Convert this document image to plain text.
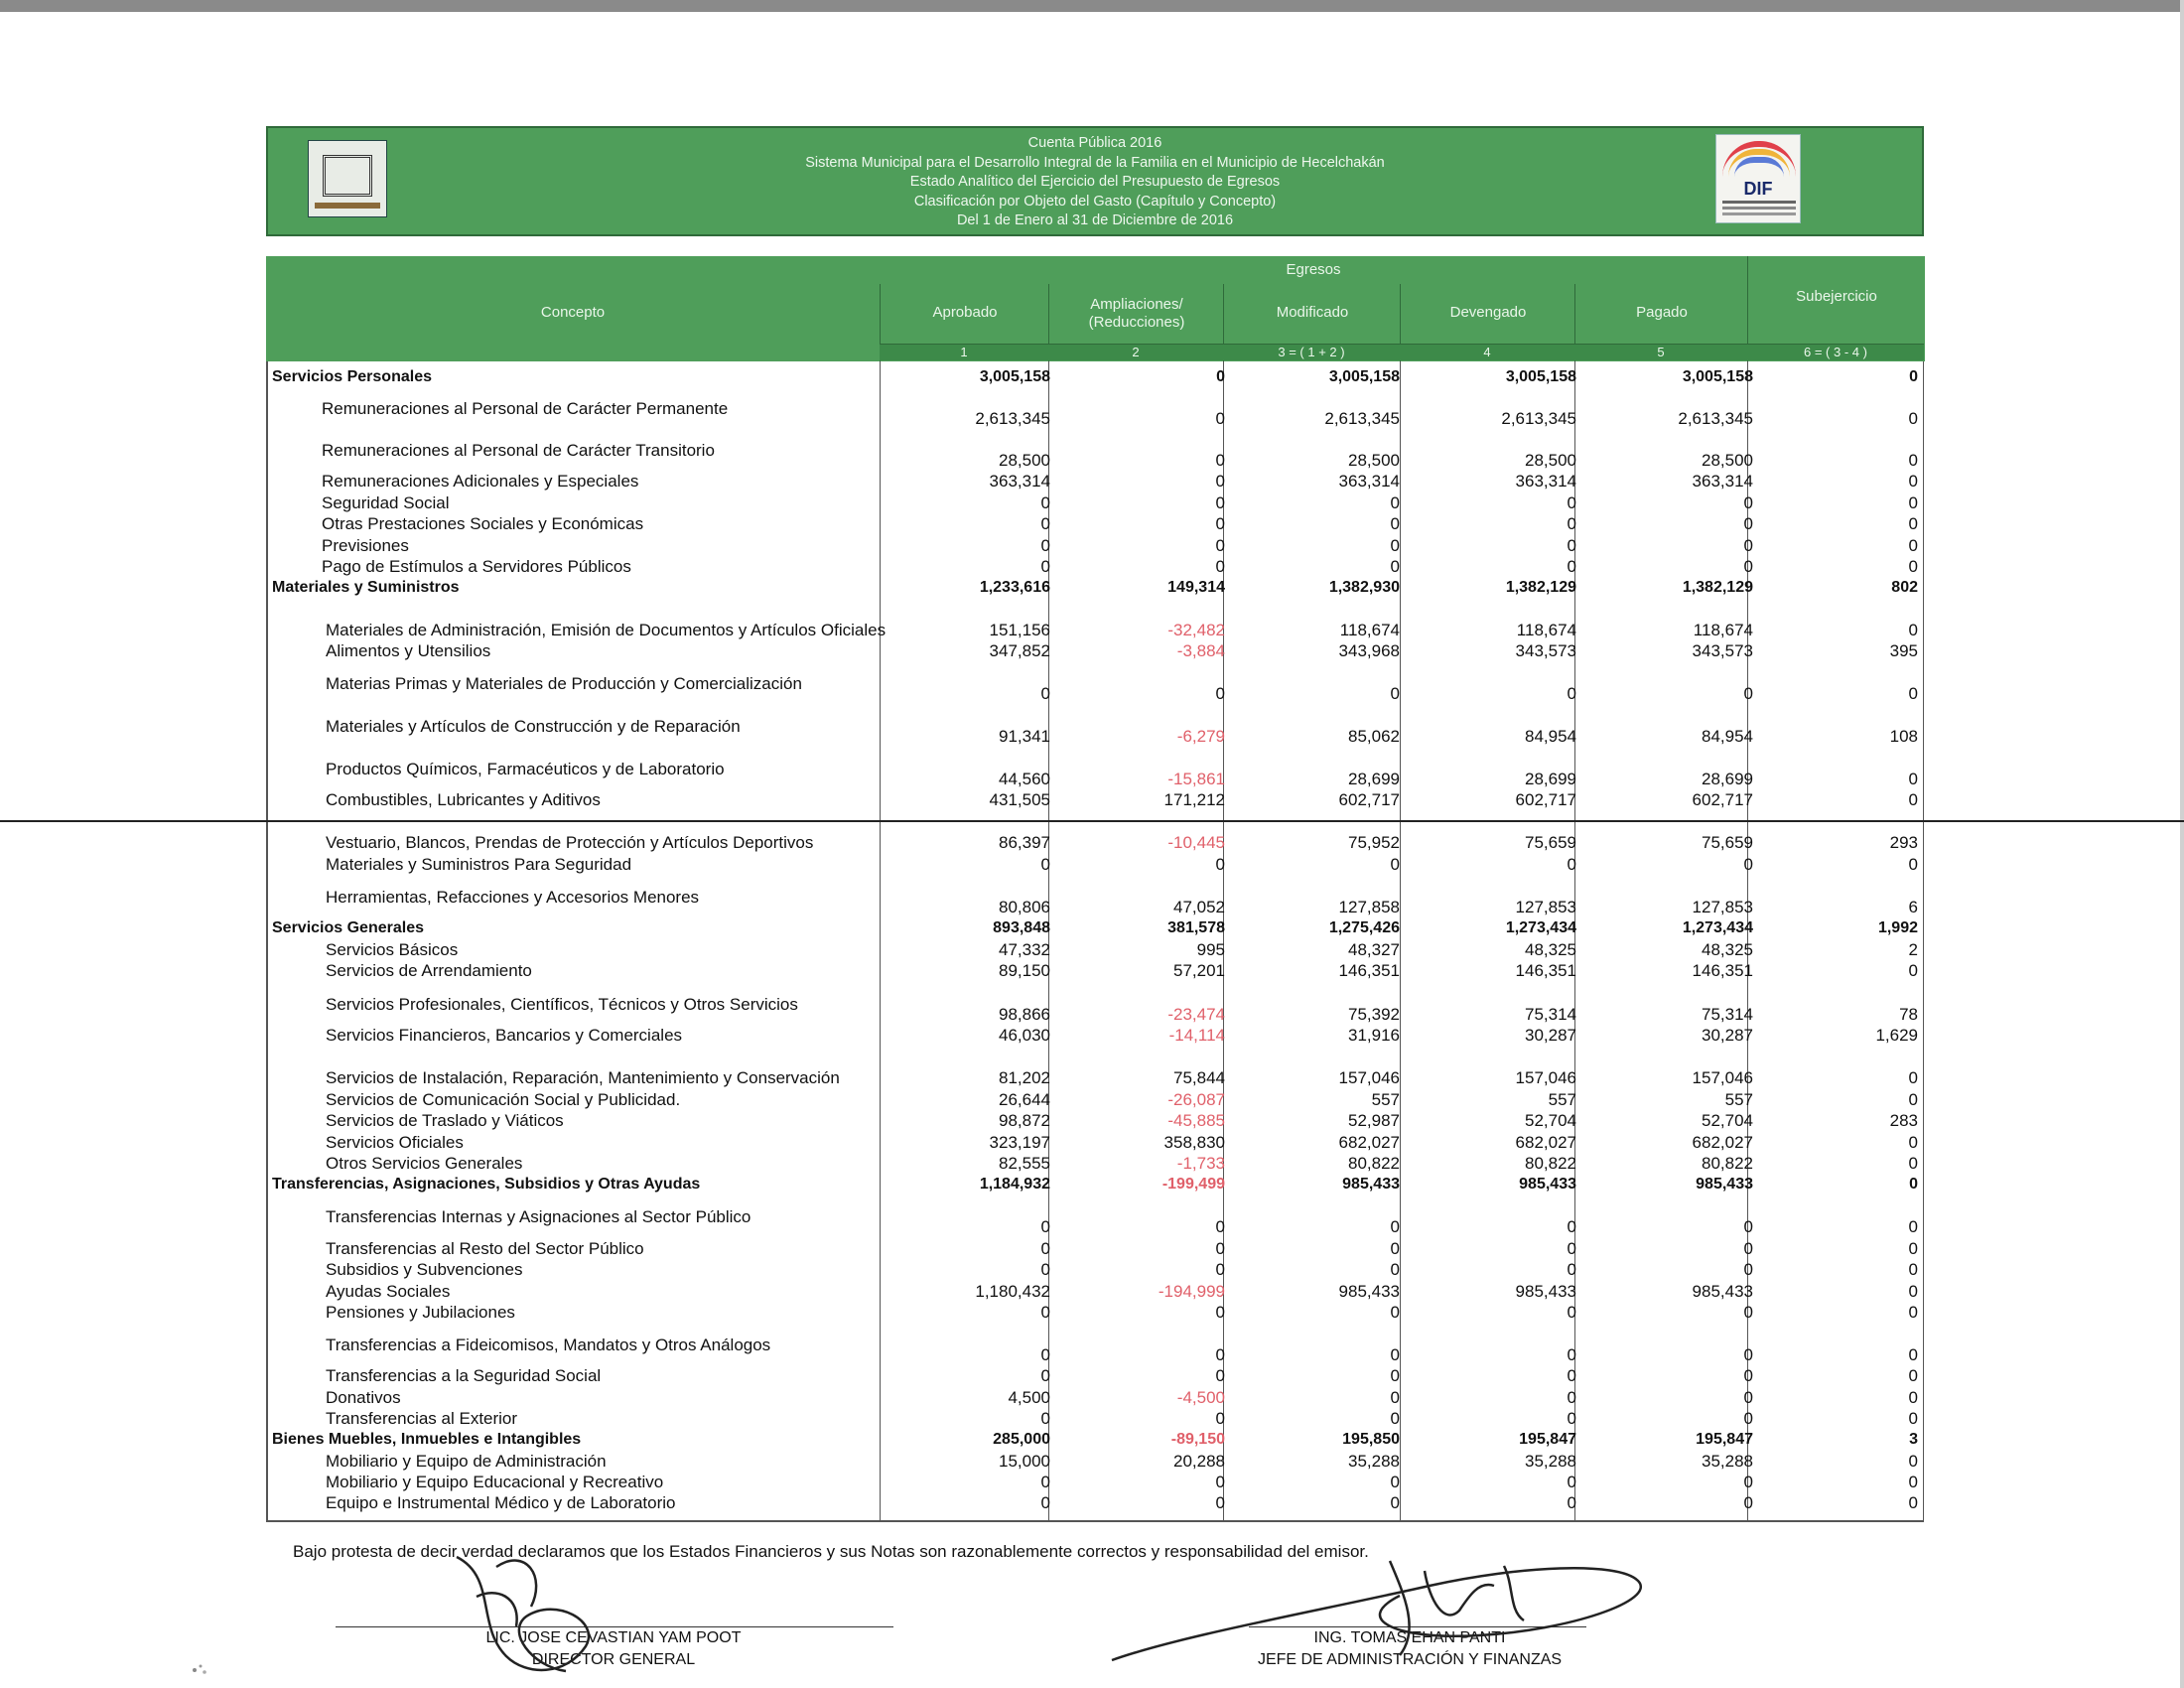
Cuenta Pública 2016
Sistema Municipal para el Desarrollo Integral de la Familia en el Municipio de Hecelchakán
Estado Analítico del Ejercicio del Presupuesto de Egresos
Clasificación por Objeto del Gasto (Capítulo y Concepto)
Del 1 de Enero al 31 de Diciembre de 2016
DIF
Concepto
Egresos
Aprobado	Ampliaciones/ (Reducciones)
Modificado	Devengado	Pagado
Subejercicio
1	2	3 = ( 1 + 2 )	4	5	6 = ( 3 - 4 )
Servicios Personales	3,005,158	0	3,005,158	3,005,158	3,005,158	0
Remuneraciones al Personal de Carácter Permanente
2,613,345	0	2,613,345	2,613,345	2,613,345	0
Remuneraciones al Personal de Carácter Transitorio
28,500	0	28,500	28,500	28,500	0
Remuneraciones Adicionales y Especiales	363,314	0	363,314	363,314	363,314	0
Seguridad Social	0	0	0	0	0	0
Otras Prestaciones Sociales y Económicas	0	0	0	0	0	0
Previsiones	0	0	0	0	0	0
Pago de Estímulos a Servidores Públicos	0	0	0	0	0	0
Materiales y Suministros	1,233,616	149,314	1,382,930	1,382,129	1,382,129	802
Materiales de Administración, Emisión de Documentos y Artículos Oficiales	151,156	-32,482	118,674	118,674	118,674	0
Alimentos y Utensilios	347,852	-3,884	343,968	343,573	343,573	395
Materias Primas y Materiales de Producción y Comercialización
0	0	0	0	0	0
Materiales y Artículos de Construcción y de Reparación
91,341	-6,279	85,062	84,954	84,954	108
Productos Químicos, Farmacéuticos y de Laboratorio
44,560	-15,861	28,699	28,699	28,699	0
Combustibles, Lubricantes y Aditivos	431,505	171,212	602,717	602,717	602,717	0
Vestuario, Blancos, Prendas de Protección y Artículos Deportivos	86,397	-10,445	75,952	75,659	75,659	293
Materiales y Suministros Para Seguridad	0	0	0	0	0	0
Herramientas, Refacciones y Accesorios Menores
80,806	47,052	127,858	127,853	127,853	6
Servicios Generales	893,848	381,578	1,275,426	1,273,434	1,273,434	1,992
Servicios Básicos	47,332	995	48,327	48,325	48,325	2
Servicios de Arrendamiento	89,150	57,201	146,351	146,351	146,351	0
Servicios Profesionales, Científicos, Técnicos y Otros Servicios
98,866	-23,474	75,392	75,314	75,314	78
Servicios Financieros, Bancarios y Comerciales	46,030	-14,114	31,916	30,287	30,287	1,629
Servicios de Instalación, Reparación, Mantenimiento y Conservación	81,202	75,844	157,046	157,046	157,046	0
Servicios de Comunicación Social y Publicidad.	26,644	-26,087	557	557	557	0
Servicios de Traslado y Viáticos	98,872	-45,885	52,987	52,704	52,704	283
Servicios Oficiales	323,197	358,830	682,027	682,027	682,027	0
Otros Servicios Generales	82,555	-1,733	80,822	80,822	80,822	0
Transferencias, Asignaciones, Subsidios y Otras Ayudas	1,184,932	-199,499	985,433	985,433	985,433	0
Transferencias Internas y Asignaciones al Sector Público
0	0	0	0	0	0
Transferencias al Resto del Sector Público	0	0	0	0	0	0
Subsidios y Subvenciones	0	0	0	0	0	0
Ayudas Sociales	1,180,432	-194,999	985,433	985,433	985,433	0
Pensiones y Jubilaciones	0	0	0	0	0	0
Transferencias a Fideicomisos, Mandatos y Otros Análogos
0	0	0	0	0	0
Transferencias a la Seguridad Social	0	0	0	0	0	0
Donativos	4,500	-4,500	0	0	0	0
Transferencias al Exterior	0	0	0	0	0	0
Bienes Muebles, Inmuebles e Intangibles	285,000	-89,150	195,850	195,847	195,847	3
Mobiliario y Equipo de Administración	15,000	20,288	35,288	35,288	35,288	0
Mobiliario y Equipo Educacional y Recreativo	0	0	0	0	0	0
Equipo e Instrumental Médico y de Laboratorio	0	0	0	0	0	0
Bajo protesta de decir verdad declaramos que los Estados Financieros y sus Notas son razonablemente correctos y responsabilidad del emisor.
LIC. JOSE CEVASTIAN YAM POOT
DIRECTOR GENERAL
ING. TOMAS EHAN PANTI
JEFE DE ADMINISTRACIÓN Y FINANZAS
